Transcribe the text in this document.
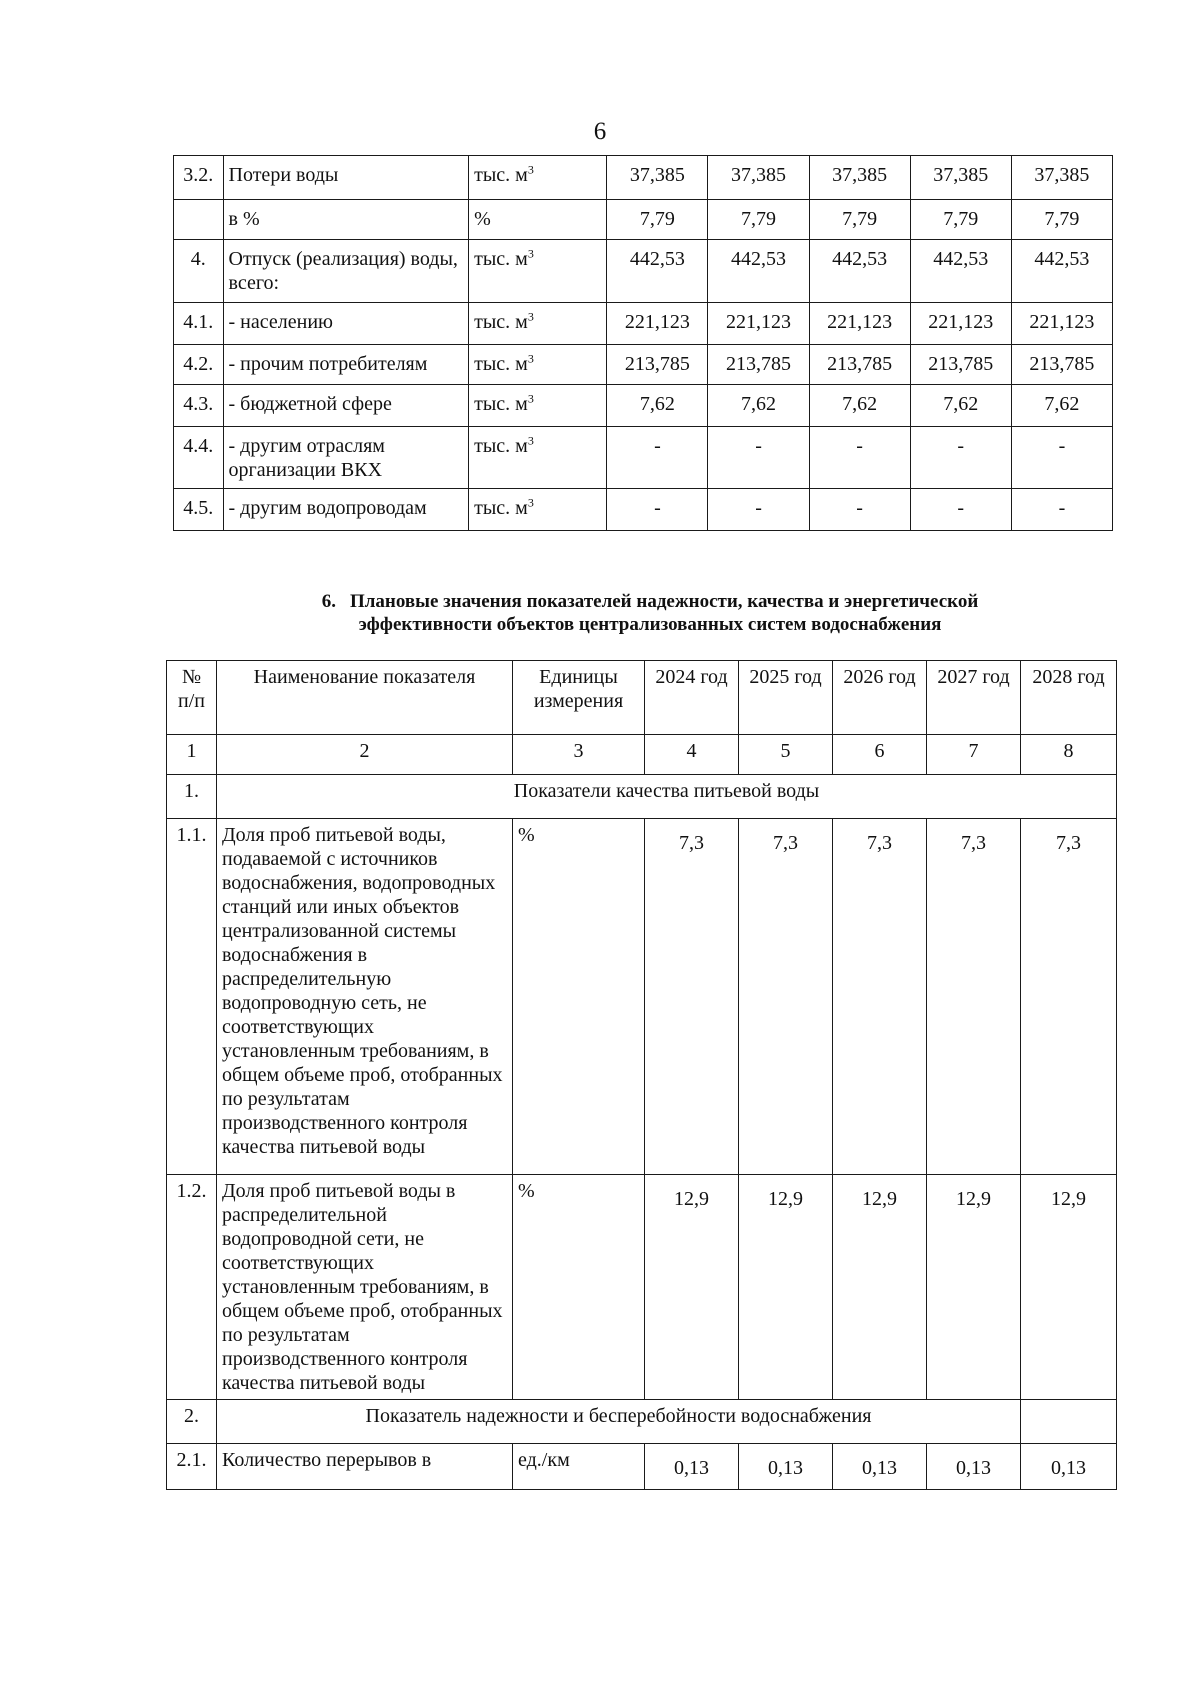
6
3.2.	Потери воды	тыс. $м^3$	37,385	37,385	37,385	37,385	37,385
	в %	%	7,79	7,79	7,79	7,79	7,79
4.	Отпуск (реализация) воды, всего:	тыс. $м^3$	442,53	442,53	442,53	442,53	442,53
4.1.	- населению	тыс. $м^3$	221,123	221,123	221,123	221,123	221,123
4.2.	- прочим потребителям	тыс. $м^3$	213,785	213,785	213,785	213,785	213,785
4.3.	- бюджетной сфере	тыс. $м^3$	7,62	7,62	7,62	7,62	7,62
4.4.	- другим отраслям организации ВКХ	тыс. $м^3$	-	-	-	-	-
4.5.	- другим водопроводам	тыс. $м^3$	-	-	-	-	-
6. Плановые значения показателей надежности, качества и энергетической
эффективности объектов централизованных систем водоснабжения
№ п/п	Наименование показателя	Единицы измерения	2024 год	2025 год	2026 год	2027 год	2028 год
1	2	3	4	5	6	7	8
1.	Показатели качества питьевой воды						
1.1.	Доля проб питьевой воды, подаваемой с источников водоснабжения, водопроводных станций или иных объектов централизованной системы водоснабжения в распределительную водопроводную сеть, не соответствующих установленным требованиям, в общем объеме проб, отобранных по результатам производственного контроля качества питьевой воды	%	7,3	7,3	7,3	7,3	7,3
1.2.	Доля проб питьевой воды в распределительной водопроводной сети, не соответствующих установленным требованиям, в общем объеме проб, отобранных по результатам производственного контроля качества питьевой воды	%	12,9	12,9	12,9	12,9	12,9
2.	Показатель надежности и бесперебойности водоснабжения						
2.1.	Количество перерывов в	ед./км	0,13	0,13	0,13	0,13	0,13
